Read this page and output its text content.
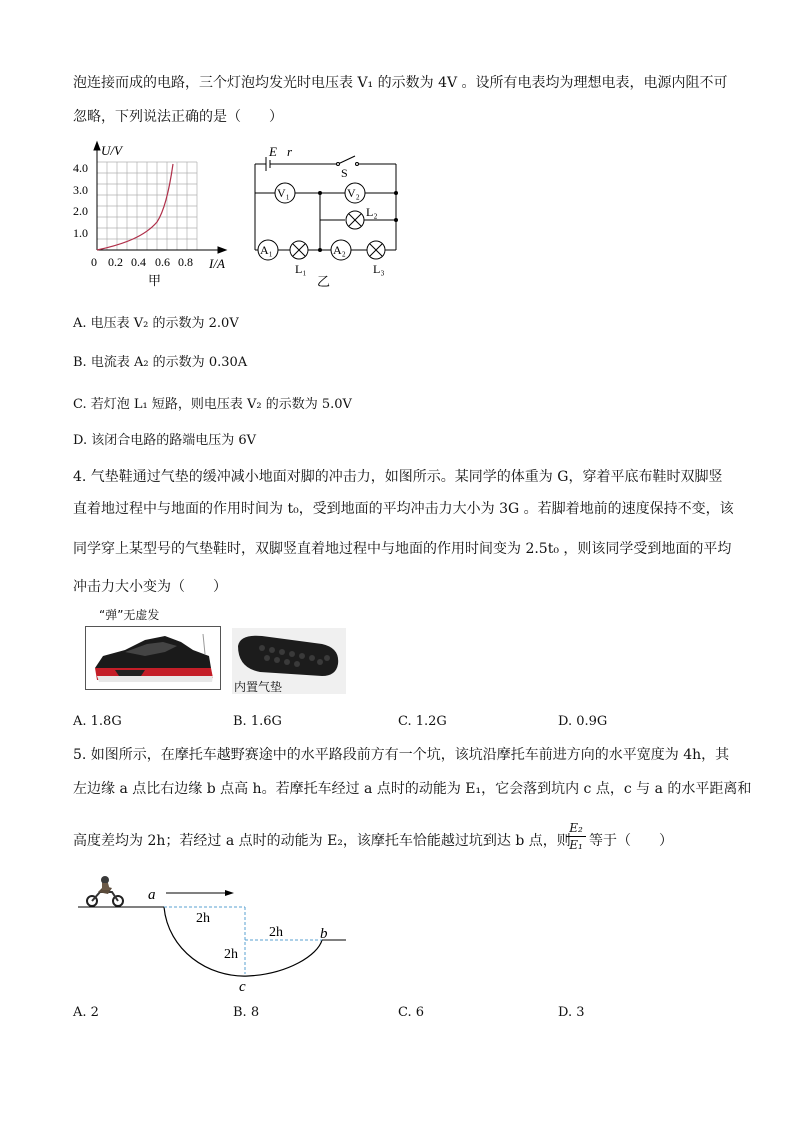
泡连接而成的电路，三个灯泡均发光时电压表 V₁ 的示数为 4V 。设所有电表均为理想电表，电源内阻不可
忽略，下列说法正确的是（　　）
U/V
I/A
4.0
3.0
2.0
1.0
0 0.2 0.4 0.6 0.8
甲
E r
S
V₁	V₂
L₂
A₁
L₁
A₂
L₃
乙
A. 电压表 V₂ 的示数为 2.0V
B. 电流表 A₂ 的示数为 0.30A
C. 若灯泡 L₁ 短路，则电压表 V₂ 的示数为 5.0V
D. 该闭合电路的路端电压为 6V
4. 气垫鞋通过气垫的缓冲减小地面对脚的冲击力，如图所示。某同学的体重为 G，穿着平底布鞋时双脚竖
直着地过程中与地面的作用时间为 t₀，受到地面的平均冲击力大小为 3G 。若脚着地前的速度保持不变，该
同学穿上某型号的气垫鞋时，双脚竖直着地过程中与地面的作用时间变为 2.5t₀ ，则该同学受到地面的平均
冲击力大小变为（　　）
“弹”无虚发
内置气垫
A. 1.8G	B. 1.6G	C. 1.2G	D. 0.9G
5. 如图所示，在摩托车越野赛途中的水平路段前方有一个坑，该坑沿摩托车前进方向的水平宽度为 4h，其
左边缘 a 点比右边缘 b 点高 h。若摩托车经过 a 点时的动能为 E₁，它会落到坑内 c 点，c 与 a 的水平距离和
高度差均为 2h；若经过 a 点时的动能为 E₂，该摩托车恰能越过坑到达 b 点，则
$\frac{\text{E₂}}{\text{E₁}}$ 等于（　　）
a
b
c
2h
2h
2h
A. 2	B. 8	C. 6	D. 3
